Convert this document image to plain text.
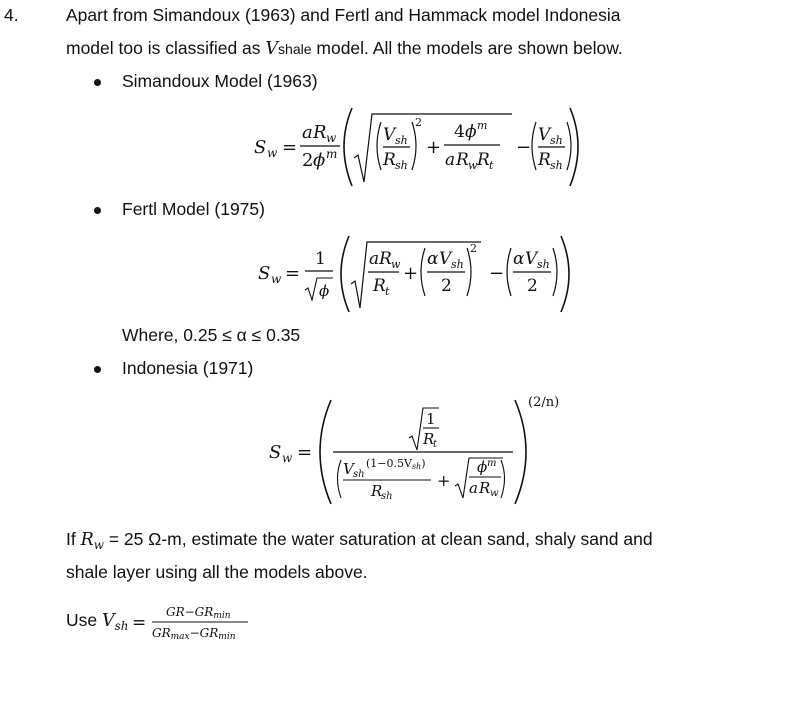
4.	Apart from Simandoux (1963) and Fertl and Hammack model Indonesia
model too is classified as Vshale model. All the models are shown below.
Simandoux Model (1963)
S w =
a R w
2 ϕ m
V sh
R sh
2
+
4 ϕ m
a R w R t
−
V sh
R sh
Fertl Model (1975)
S w =
1
ϕ
a R w
R t
+
α V sh
2
2
−
α V sh
2
Where, 0.25 ≤ α ≤ 0.35
Indonesia (1971)
S w =
(2/n)
1
R
t
V sh
(1−0.5Vsh)
R
sh
+
ϕ m
a R w
If $R_w = 25$ Ω-m, estimate the water saturation at clean sand, shaly sand and
shale layer using all the models above.
Use $V_{sh}$ =
GR−GRmin
GRmax−GRmin
